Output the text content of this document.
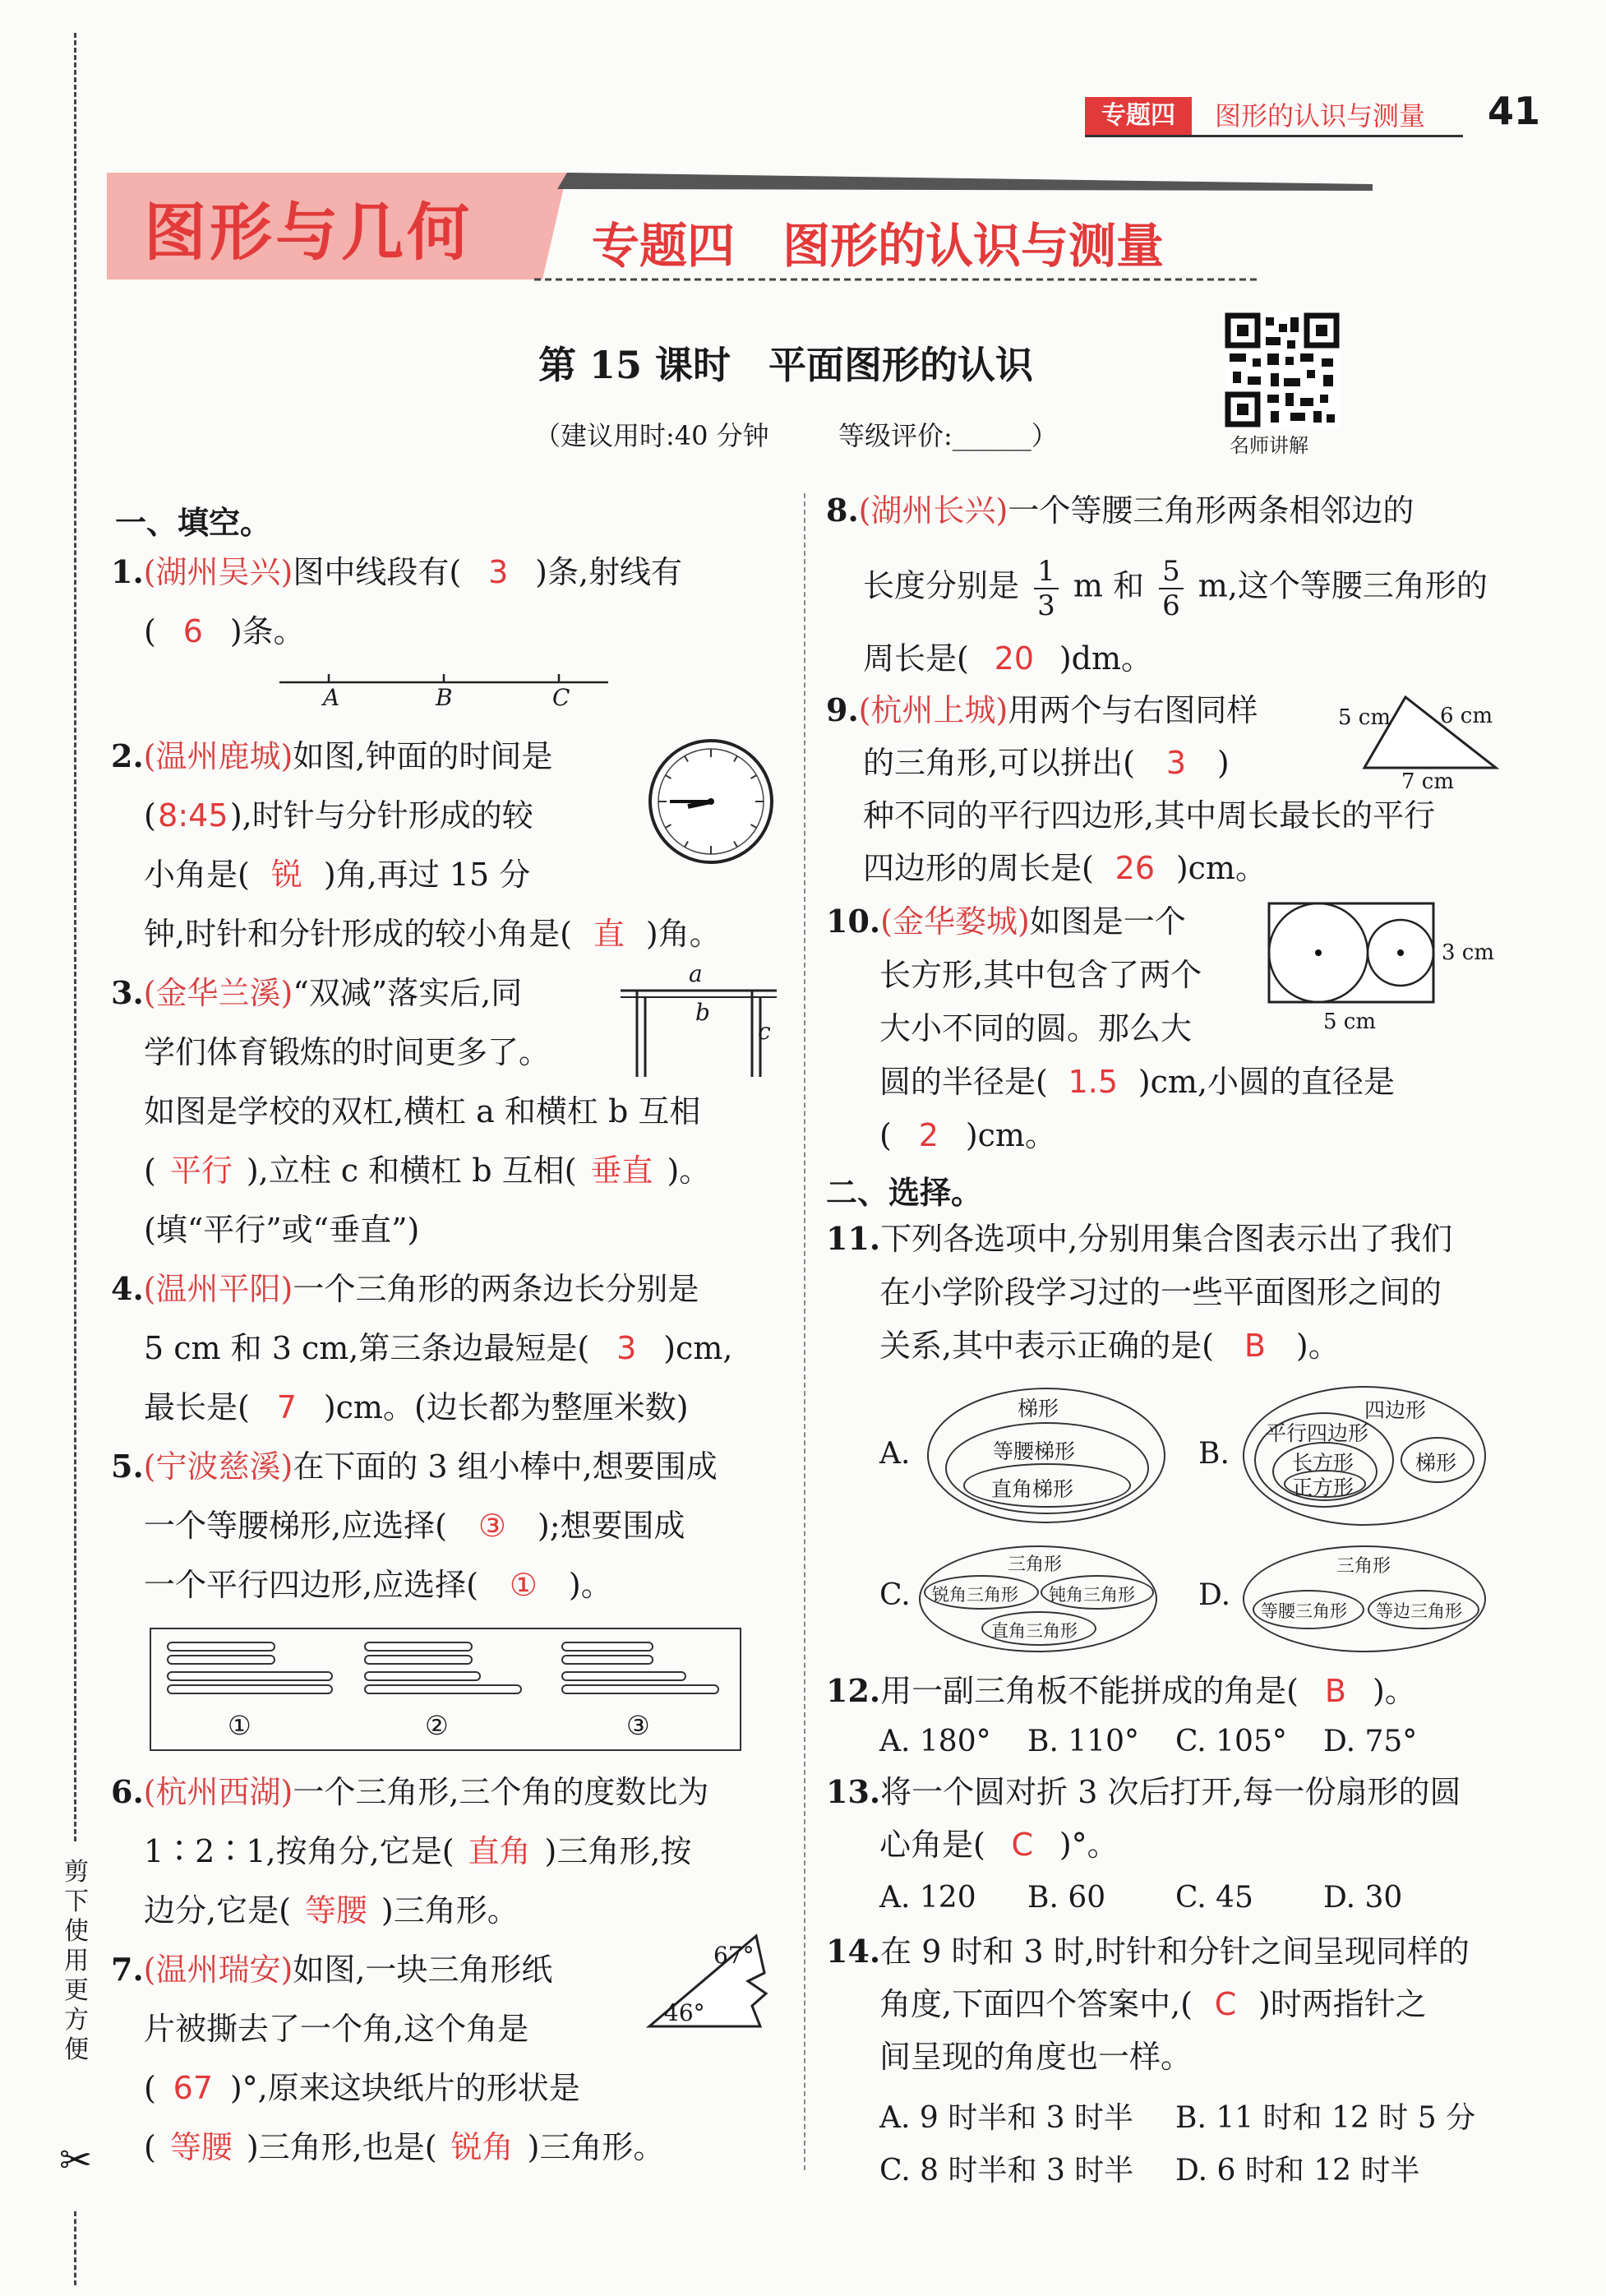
剪下使用更方便
✂
专题四	图形的认识与测量 41
图形与几何	专题四　图形的认识与测量
第 15 课时　平面图形的认识
（建议用时:40 分钟	等级评价:______）	名师讲解
一、填空。
1.(湖州吴兴)图中线段有( 3 )条,射线有
( 6 )条。
A	B	C
2.(温州鹿城)如图,钟面的时间是
(8:45),时针与分针形成的较
小角是( 锐 )角,再过 15 分
钟,时针和分针形成的较小角是( 直 )角。
3.(金华兰溪)“双减”落实后,同
学们体育锻炼的时间更多了。
如图是学校的双杠,横杠 a 和横杠 b 互相
( 平行 ),立柱 c 和横杠 b 互相( 垂直 )。
(填“平行”或“垂直”)
a
b
c
4.(温州平阳)一个三角形的两条边长分别是
5 cm 和 3 cm,第三条边最短是( 3 )cm,
最长是( 7 )cm。(边长都为整厘米数)
5.(宁波慈溪)在下面的 3 组小棒中,想要围成
一个等腰梯形,应选择( ③ );想要围成
一个平行四边形,应选择( ① )。
①	②	③
6.(杭州西湖)一个三角形,三个角的度数比为
1∶2∶1,按角分,它是( 直角 )三角形,按
边分,它是( 等腰 )三角形。
7.(温州瑞安)如图,一块三角形纸
片被撕去了一个角,这个角是
( 67 )°,原来这块纸片的形状是
( 等腰 )三角形,也是( 锐角 )三角形。
67°
46°
8.(湖州长兴)一个等腰三角形两条相邻边的
长度分别是 $\frac{1}{3}$ m 和 $\frac{5}{6} m$,这个等腰三角形的
周长是( 20 )dm。
9.(杭州上城)用两个与右图同样
的三角形,可以拼出( 3 )
种不同的平行四边形,其中周长最长的平行
四边形的周长是( 26 )cm。
5 cm 6 cm
7 cm
10.(金华婺城)如图是一个
长方形,其中包含了两个
大小不同的圆。那么大
圆的半径是( 1.5 )cm,小圆的直径是
( 2 )cm。
3 cm
5 cm
二、选择。
11.下列各选项中,分别用集合图表示出了我们
在小学阶段学习过的一些平面图形之间的
关系,其中表示正确的是( B )。
A.
梯形
等腰梯形
直角梯形
B.
四边形
平行四边形
长方形
正方形
梯形
C.
三角形
锐角三角形 钝角三角形
直角三角形
D.
三角形
等腰三角形 等边三角形
12.用一副三角板不能拼成的角是( B )。
A. 180° B. 110° C. 105° D. 75°
13.将一个圆对折 3 次后打开,每一份扇形的圆
心角是( C )°。
A. 120 B. 60 C. 45 D. 30
14.在 9 时和 3 时,时针和分针之间呈现同样的
角度,下面四个答案中,( C )时两指针之
间呈现的角度也一样。
A. 9 时半和 3 时半 B. 11 时和 12 时 5 分
C. 8 时半和 3 时半 D. 6 时和 12 时半
